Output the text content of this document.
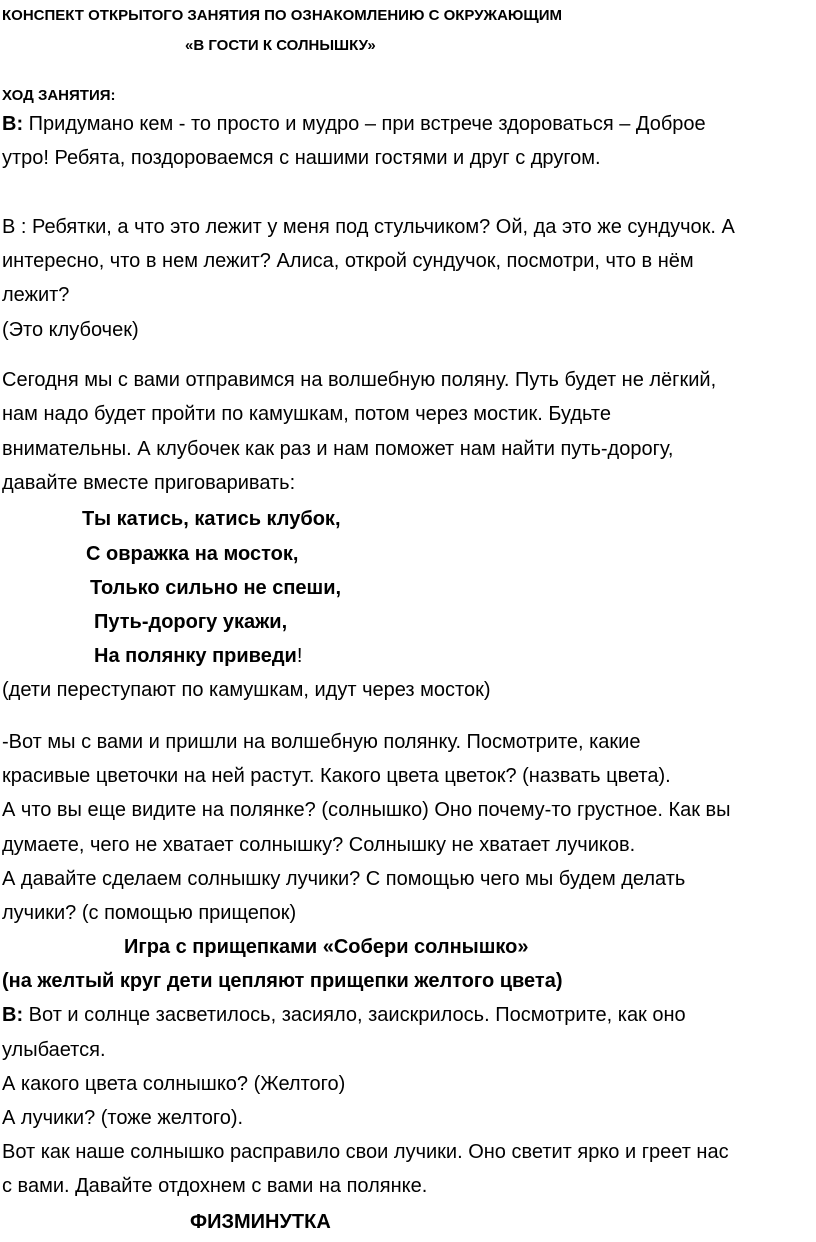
КОНСПЕКТ ОТКРЫТОГО ЗАНЯТИЯ ПО ОЗНАКОМЛЕНИЮ С ОКРУЖАЮЩИМ
«В ГОСТИ К СОЛНЫШКУ»
ХОД ЗАНЯТИЯ:
В: Придумано кем - то просто и мудро – при встрече здороваться – Доброе
утро! Ребята, поздороваемся с нашими гостями и друг с другом.
В : Ребятки, а что это лежит у меня под стульчиком? Ой, да это же сундучок. А
интересно, что в нем лежит? Алиса, открой сундучок, посмотри, что в нём
лежит?
(Это клубочек)
Сегодня мы с вами отправимся на волшебную поляну. Путь будет не лёгкий,
нам надо будет пройти по камушкам, потом через мостик. Будьте
внимательны. А клубочек как раз и нам поможет нам найти путь-дорогу,
давайте вместе приговаривать:
Ты катись, катись клубок,
С овражка на мосток,
Только сильно не спеши,
Путь-дорогу укажи,
На полянку приведи!
(дети переступают по камушкам, идут через мосток)
-Вот мы с вами и пришли на волшебную полянку. Посмотрите, какие
красивые цветочки на ней растут. Какого цвета цветок? (назвать цвета).
А что вы еще видите на полянке? (солнышко) Оно почему-то грустное. Как вы
думаете, чего не хватает солнышку? Солнышку не хватает лучиков.
А давайте сделаем солнышку лучики? С помощью чего мы будем делать
лучики? (с помощью прищепок)
Игра с прищепками «Собери солнышко»
(на желтый круг дети цепляют прищепки желтого цвета)
В: Вот и солнце засветилось, засияло, заискрилось. Посмотрите, как оно
улыбается.
А какого цвета солнышко? (Желтого)
А лучики? (тоже желтого).
Вот как наше солнышко расправило свои лучики. Оно светит ярко и греет нас
с вами. Давайте отдохнем с вами на полянке.
ФИЗМИНУТКА
